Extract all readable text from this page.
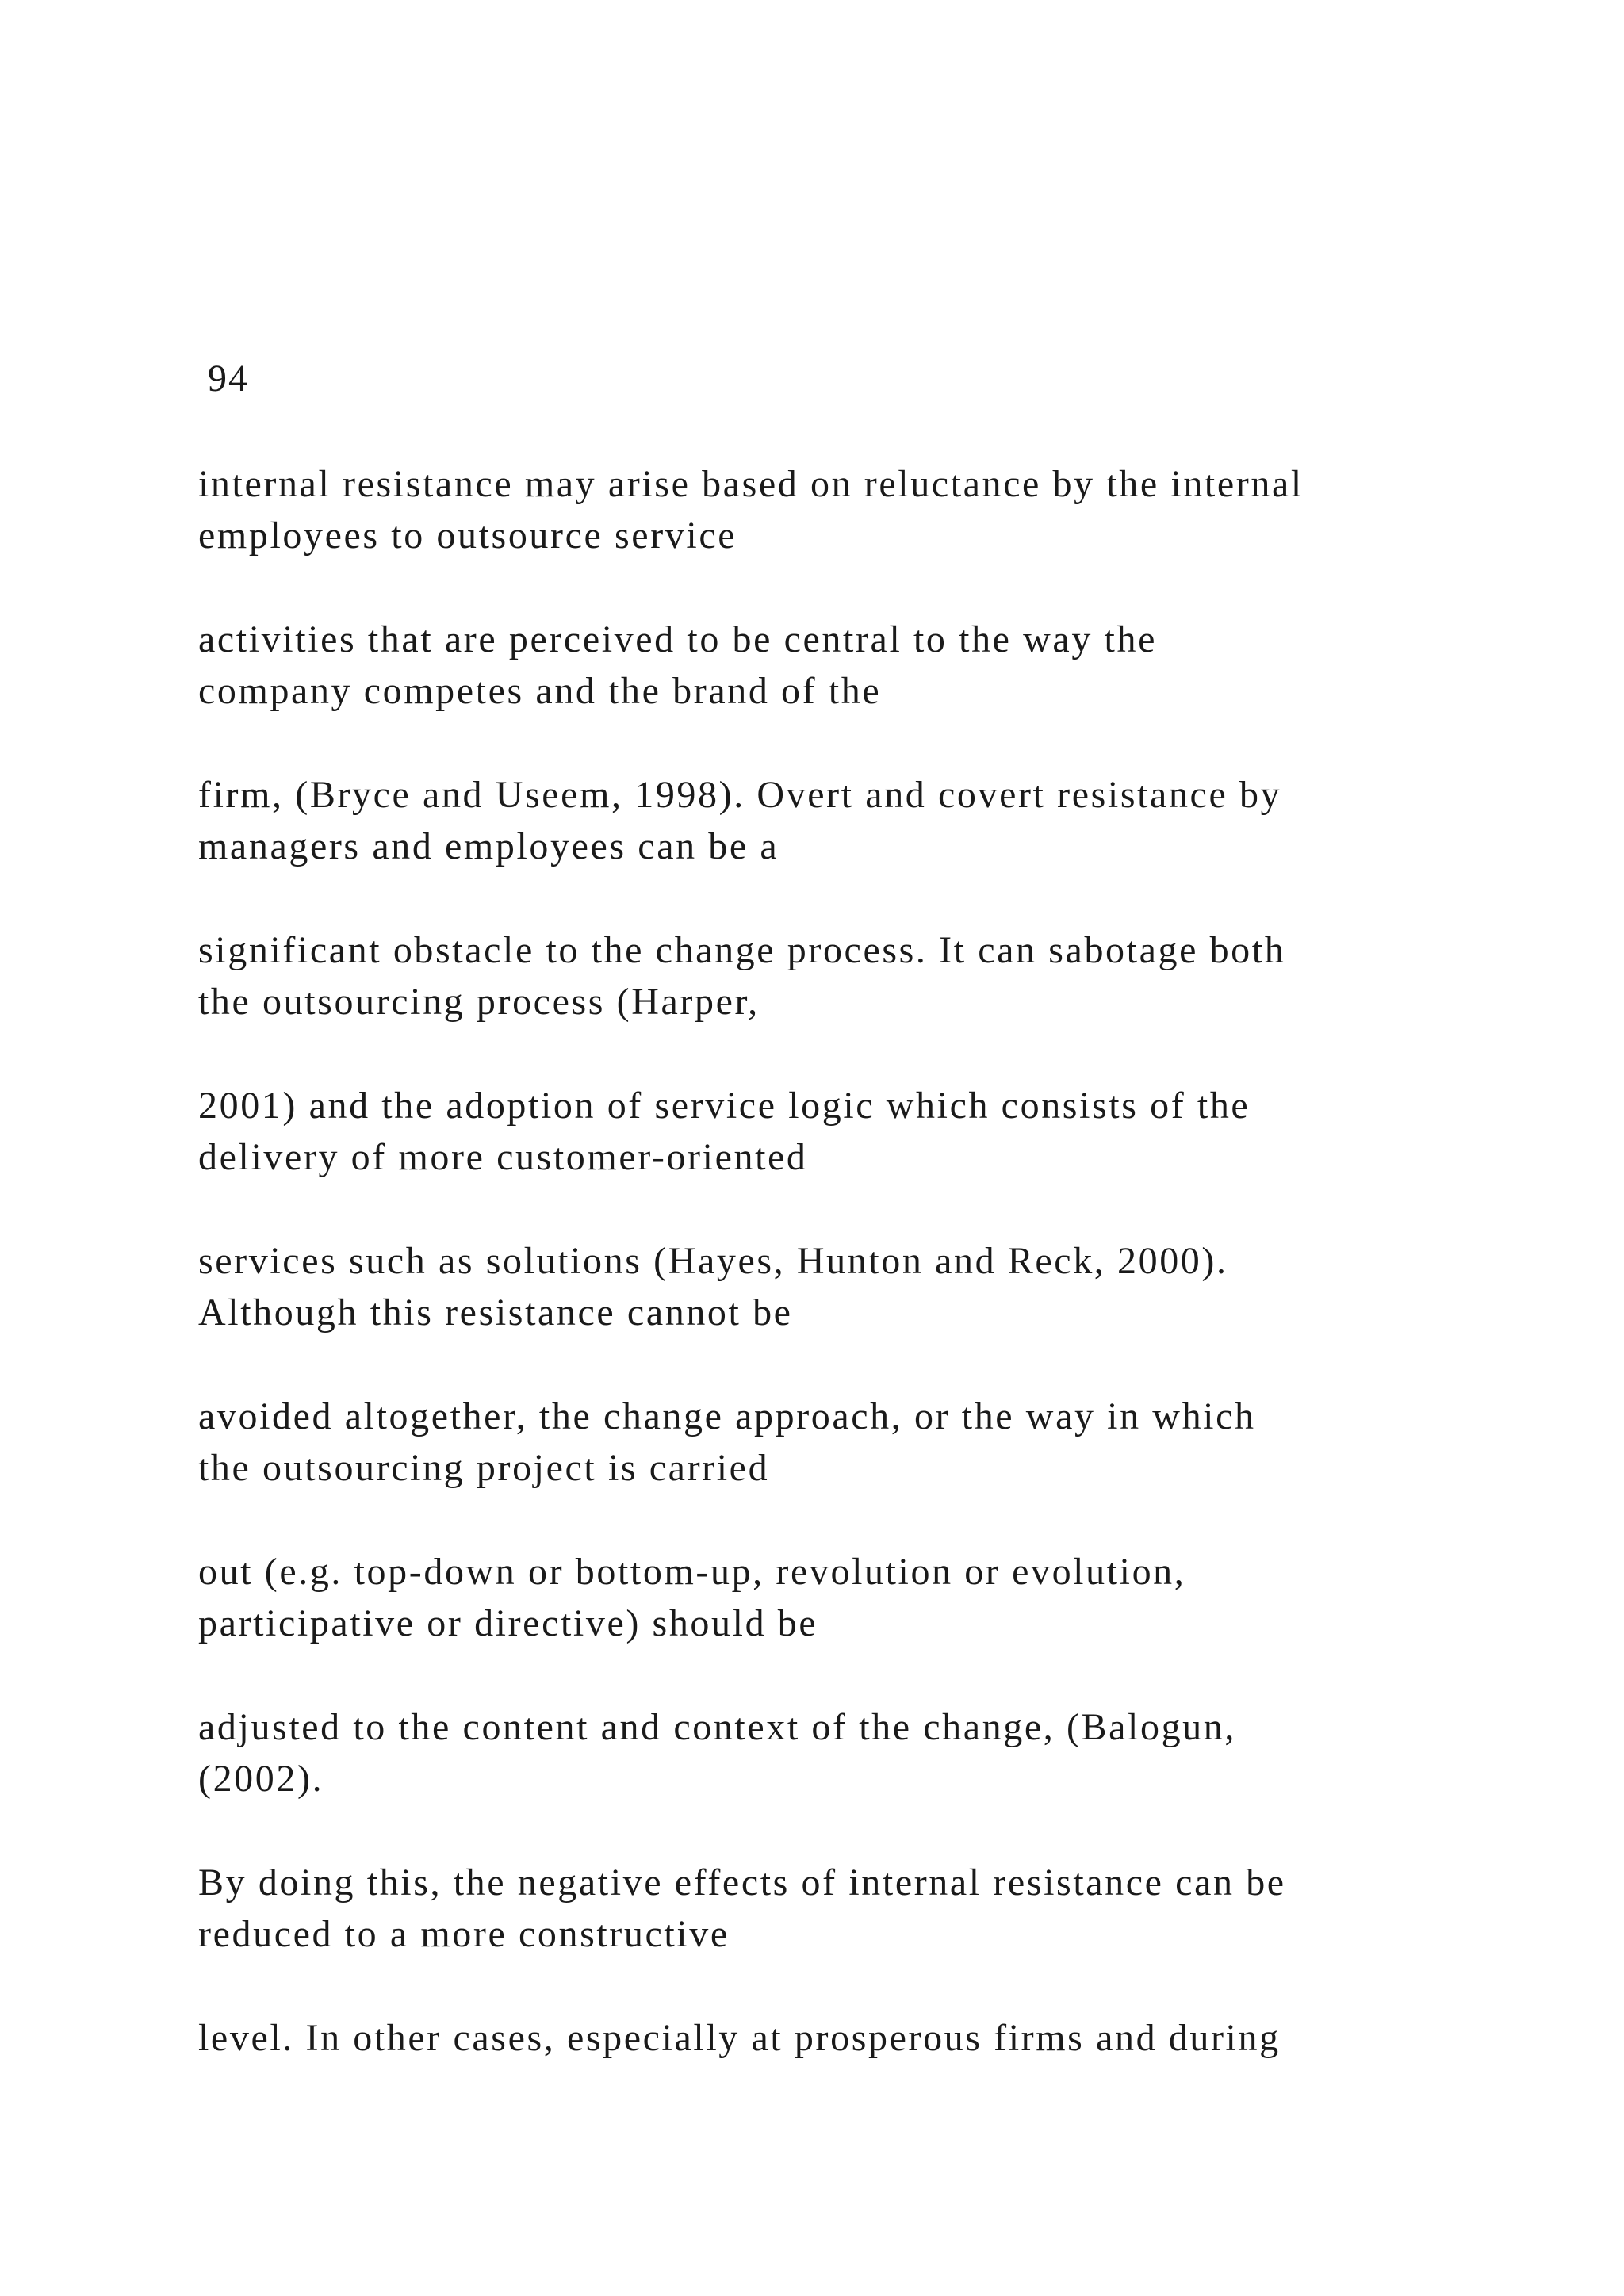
94

internal resistance may arise based on reluctance by the internal
employees to outsource service

activities that are perceived to be central to the way the
company competes and the brand of the

firm, (Bryce and Useem, 1998). Overt and covert resistance by
managers and employees can be a

significant obstacle to the change process. It can sabotage both
the outsourcing process (Harper,

2001) and the adoption of service logic which consists of the
delivery of more customer-oriented

services such as solutions (Hayes, Hunton and Reck, 2000).
Although this resistance cannot be

avoided altogether, the change approach, or the way in which
the outsourcing project is carried

out (e.g. top-down or bottom-up, revolution or evolution,
participative or directive) should be

adjusted to the content and context of the change, (Balogun,
(2002).

By doing this, the negative effects of internal resistance can be
reduced to a more constructive

level. In other cases, especially at prosperous firms and during
